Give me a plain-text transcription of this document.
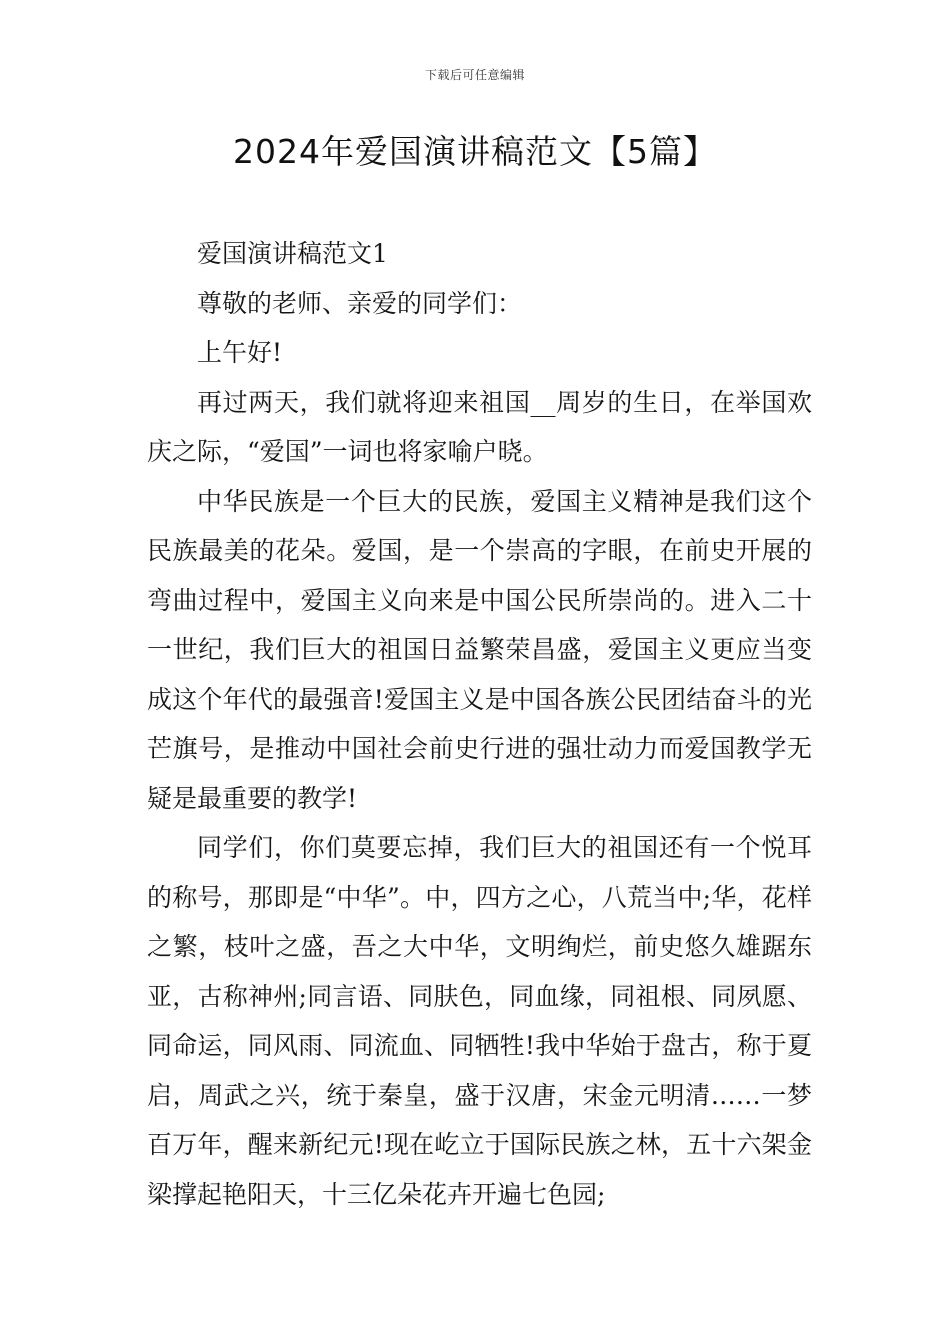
下载后可任意编辑
2024年爱国演讲稿范文【5篇】

爱国演讲稿范文1

尊敬的老师、亲爱的同学们：

上午好!

再过两天，我们就将迎来祖国__周岁的生日，在举国欢庆之际，“爱国”一词也将家喻户晓。

中华民族是一个巨大的民族，爱国主义精神是我们这个民族最美的花朵。爱国，是一个崇高的字眼，在前史开展的弯曲过程中，爱国主义向来是中国公民所崇尚的。进入二十一世纪，我们巨大的祖国日益繁荣昌盛，爱国主义更应当变成这个年代的最强音!爱国主义是中国各族公民团结奋斗的光芒旗号，是推动中国社会前史行进的强壮动力而爱国教学无疑是最重要的教学!

同学们，你们莫要忘掉，我们巨大的祖国还有一个悦耳的称号，那即是“中华”。中，四方之心，八荒当中;华，花样之繁，枝叶之盛，吾之大中华，文明绚烂，前史悠久雄踞东亚，古称神州;同言语、同肤色，同血缘，同祖根、同夙愿、同命运，同风雨、同流血、同牺牲!我中华始于盘古，称于夏启，周武之兴，统于秦皇，盛于汉唐，宋金元明清……一梦百万年，醒来新纪元!现在屹立于国际民族之林，五十六架金梁撑起艳阳天，十三亿朵花卉开遍七色园;
